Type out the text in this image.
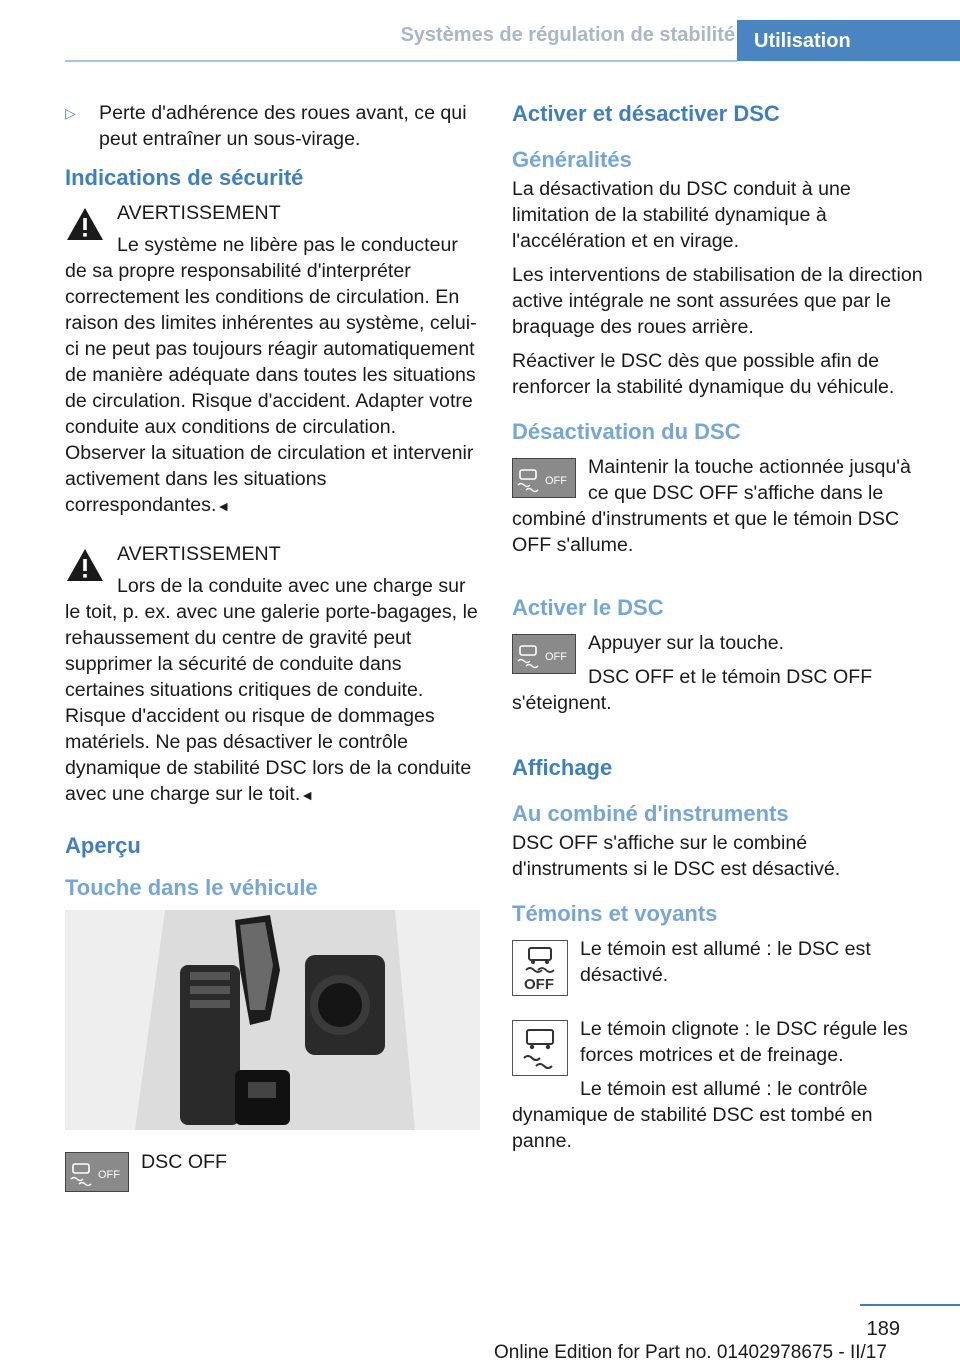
Systèmes de régulation de stabilité Utilisation
▷	Perte d'adhérence des roues avant, ce qui peut entraîner un sous-virage.
Indications de sécurité
AVERTISSEMENT
Le système ne libère pas le conducteur de sa propre responsabilité d'interpréter correctement les conditions de circulation. En raison des limites inhérentes au système, celui-ci ne peut pas toujours réagir automatiquement de manière adéquate dans toutes les situations de circulation. Risque d'accident. Adapter votre conduite aux conditions de circulation. Observer la situation de circulation et intervenir activement dans les situations correspondantes.◄
AVERTISSEMENT
Lors de la conduite avec une charge sur le toit, p. ex. avec une galerie porte-bagages, le rehaussement du centre de gravité peut supprimer la sécurité de conduite dans certaines situations critiques de conduite. Risque d'accident ou risque de dommages matériels. Ne pas désactiver le contrôle dynamique de stabilité DSC lors de la conduite avec une charge sur le toit.◄
Aperçu
Touche dans le véhicule
OFF
DSC OFF
Activer et désactiver DSC
Généralités

La désactivation du DSC conduit à une limitation de la stabilité dynamique à l'accélération et en virage.

Les interventions de stabilisation de la direction active intégrale ne sont assurées que par le braquage des roues arrière.

Réactiver le DSC dès que possible afin de renforcer la stabilité dynamique du véhicule.

Désactivation du DSC
OFF

Maintenir la touche actionnée jusqu'à ce que DSC OFF s'affiche dans le combiné d'instruments et que le témoin DSC OFF s'allume.

Activer le DSC
OFF

Appuyer sur la touche.

DSC OFF et le témoin DSC OFF s'éteignent.

Affichage
Au combiné d'instruments

DSC OFF s'affiche sur le combiné d'instruments si le DSC est désactivé.

Témoins et voyants
OFF

Le témoin est allumé : le DSC est désactivé.

Le témoin clignote : le DSC régule les forces motrices et de freinage.

Le témoin est allumé : le contrôle dynamique de stabilité DSC est tombé en panne.

189
Online Edition for Part no. 01402978675 - II/17
